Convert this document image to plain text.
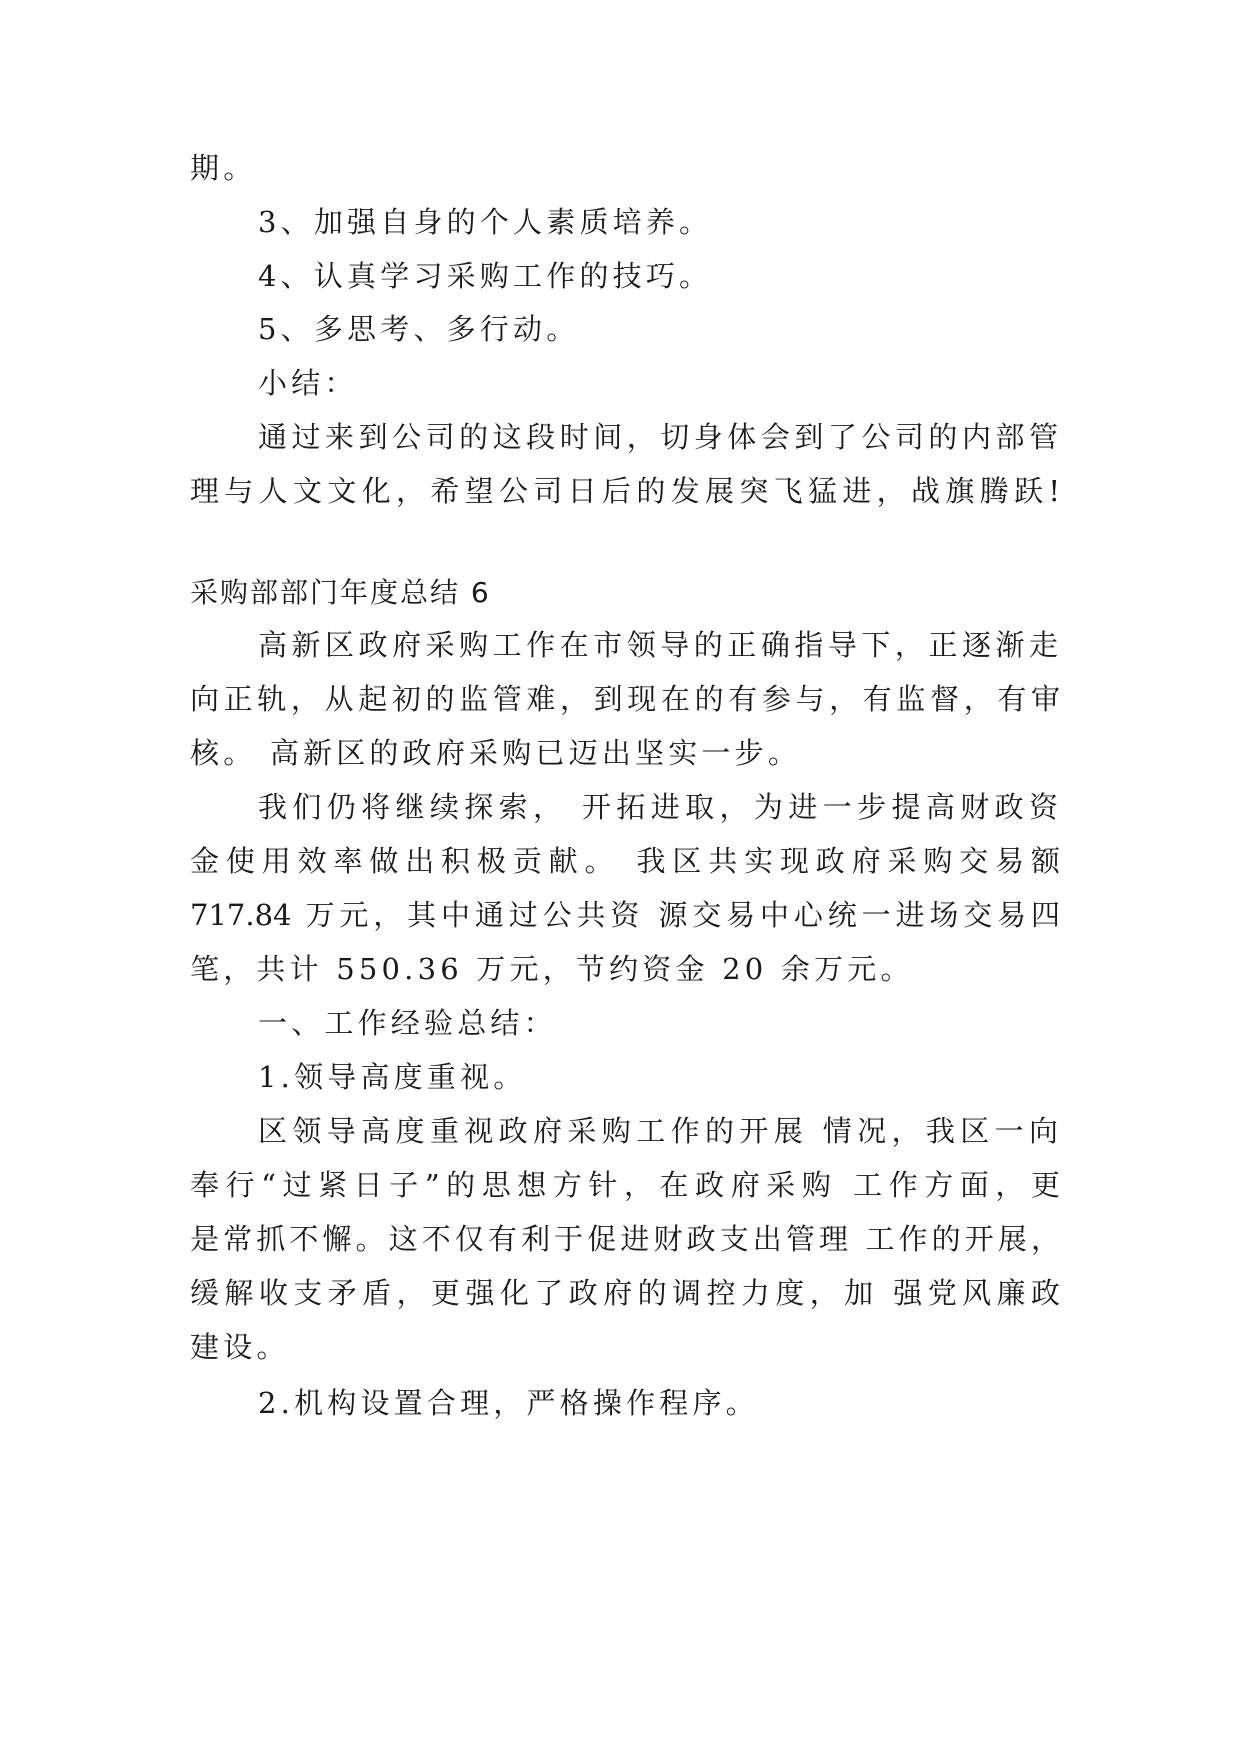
期。
3、加强自身的个人素质培养。
4、认真学习采购工作的技巧。
5、多思考、多行动。
小结：
通过来到公司的这段时间，切身体会到了公司的内部管
理与人文文化，希望公司日后的发展突飞猛进，战旗腾跃!
采购部部门年度总结 6
高新区政府采购工作在市领导的正确指导下，正逐渐走
向正轨，从起初的监管难，到现在的有参与，有监督，有审
核。 高新区的政府采购已迈出坚实一步。
我们仍将继续探索， 开拓进取，为进一步提高财政资
金使用效率做出积极贡献。 我区共实现政府采购交易额
717.84 万元，其中通过公共资 源交易中心统一进场交易四
笔，共计 550.36 万元，节约资金 20 余万元。
一、工作经验总结：
1.领导高度重视。
区领导高度重视政府采购工作的开展 情况，我区一向
奉行“过紧日子”的思想方针，在政府采购 工作方面，更
是常抓不懈。这不仅有利于促进财政支出管理 工作的开展，
缓解收支矛盾，更强化了政府的调控力度，加 强党风廉政
建设。
2.机构设置合理，严格操作程序。
